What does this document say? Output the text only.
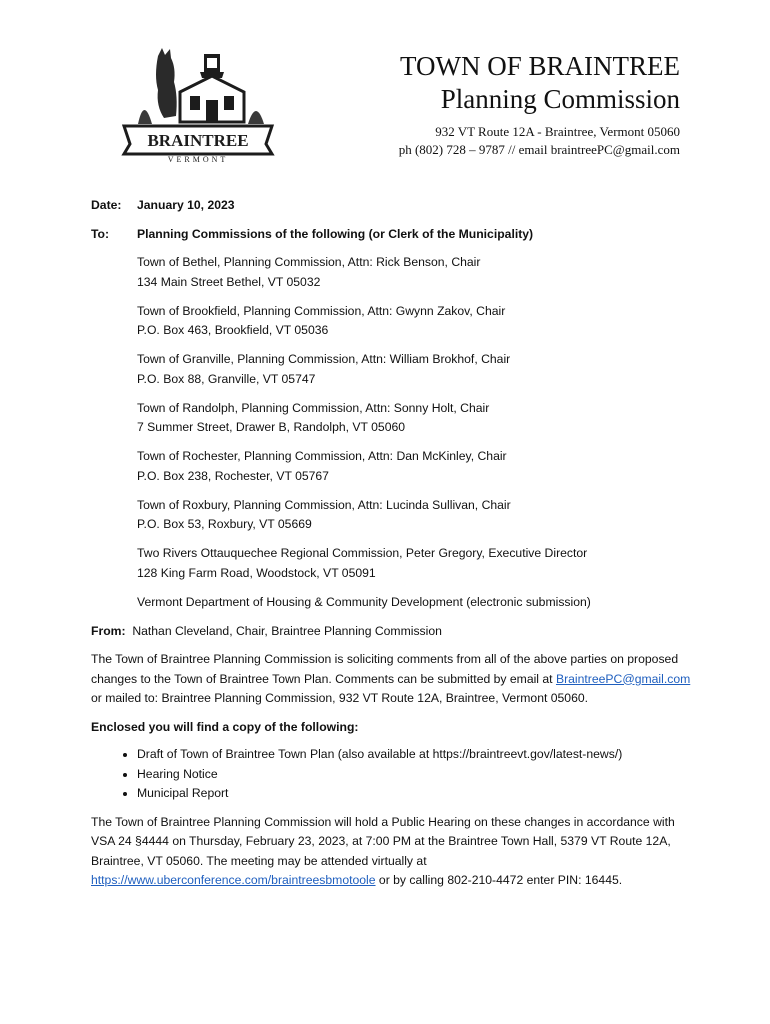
BRAINTREE
VERMONT
TOWN OF BRAINTREE
Planning Commission
932 VT Route 12A - Braintree, Vermont 05060
ph (802) 728 – 9787 // email braintreePC@gmail.com
Date:	January 10, 2023
To:	Planning Commissions of the following (or Clerk of the Municipality)
Town of Bethel, Planning Commission, Attn: Rick Benson, Chair
134 Main Street Bethel, VT 05032
Town of Brookfield, Planning Commission, Attn: Gwynn Zakov, Chair
P.O. Box 463, Brookfield, VT 05036
Town of Granville, Planning Commission, Attn: William Brokhof, Chair
P.O. Box 88, Granville, VT 05747
Town of Randolph, Planning Commission, Attn: Sonny Holt, Chair
7 Summer Street, Drawer B, Randolph, VT 05060
Town of Rochester, Planning Commission, Attn: Dan McKinley, Chair
P.O. Box 238, Rochester, VT 05767
Town of Roxbury, Planning Commission, Attn: Lucinda Sullivan, Chair
P.O. Box 53, Roxbury, VT 05669
Two Rivers Ottauquechee Regional Commission, Peter Gregory, Executive Director
128 King Farm Road, Woodstock, VT 05091
Vermont Department of Housing & Community Development (electronic submission)
From: Nathan Cleveland, Chair, Braintree Planning Commission

The Town of Braintree Planning Commission is soliciting comments from all of the above parties on proposed changes to the Town of Braintree Town Plan. Comments can be submitted by email at BraintreePC@gmail.com or mailed to: Braintree Planning Commission, 932 VT Route 12A, Braintree, Vermont 05060.

Enclosed you will find a copy of the following:
• Draft of Town of Braintree Town Plan (also available at https://braintreevt.gov/latest-news/)
• Hearing Notice
• Municipal Report

The Town of Braintree Planning Commission will hold a Public Hearing on these changes in accordance with VSA 24 §4444 on Thursday, February 23, 2023, at 7:00 PM at the Braintree Town Hall, 5379 VT Route 12A, Braintree, VT 05060. The meeting may be attended virtually at https://www.uberconference.com/braintreesbmotoole or by calling 802-210-4472 enter PIN: 16445.
